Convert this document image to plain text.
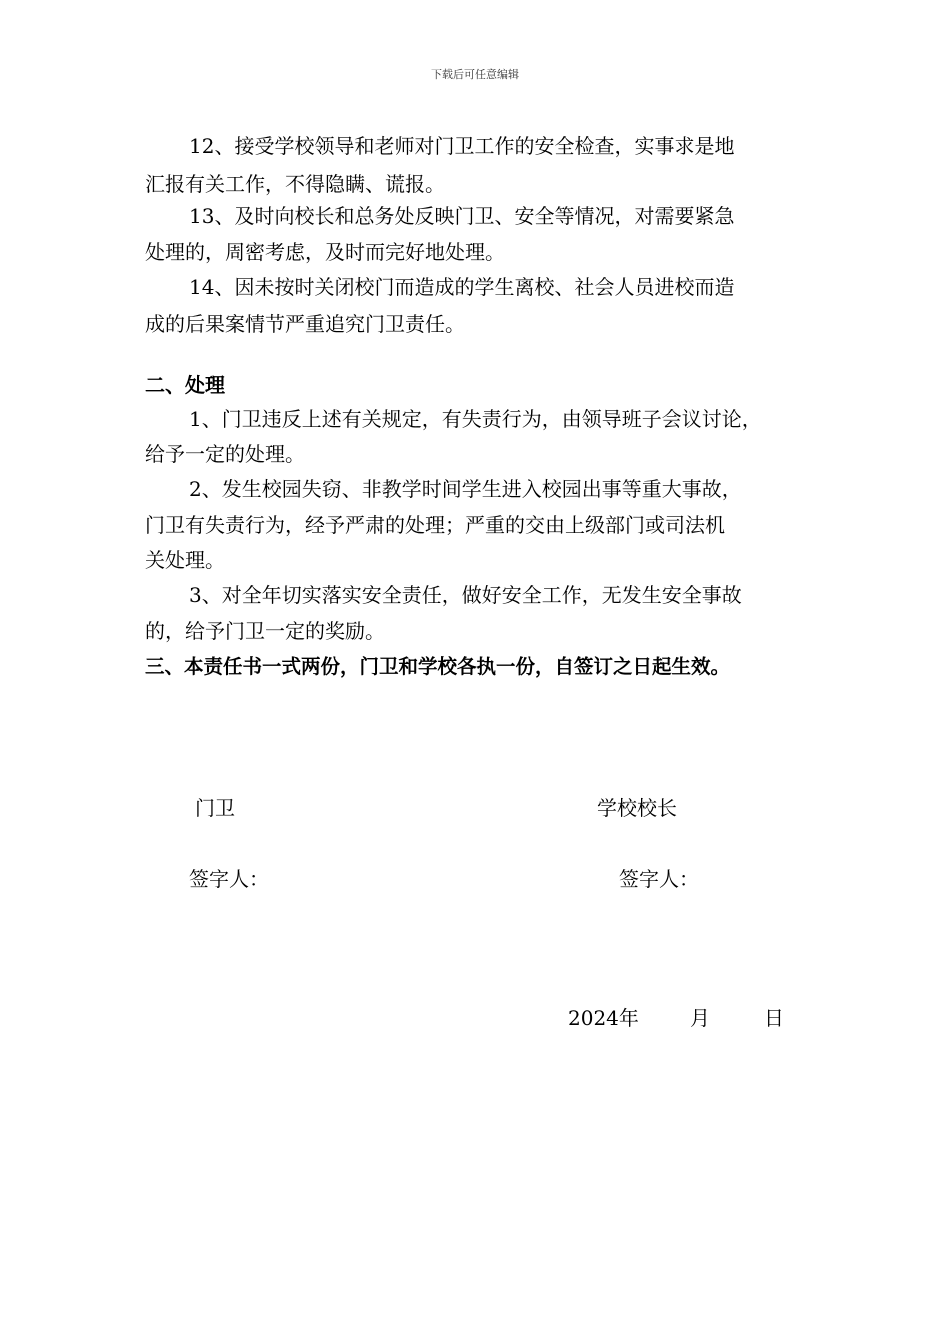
下载后可任意编辑
12、接受学校领导和老师对门卫工作的安全检查，实事求是地
汇报有关工作，不得隐瞒、谎报。
13、及时向校长和总务处反映门卫、安全等情况，对需要紧急
处理的，周密考虑，及时而完好地处理。
14、因未按时关闭校门而造成的学生离校、社会人员进校而造
成的后果案情节严重追究门卫责任。
二、处理
1、门卫违反上述有关规定，有失责行为，由领导班子会议讨论，
给予一定的处理。
2、发生校园失窃、非教学时间学生进入校园出事等重大事故，
门卫有失责行为，经予严肃的处理；严重的交由上级部门或司法机
关处理。
3、对全年切实落实安全责任，做好安全工作，无发生安全事故
的，给予门卫一定的奖励。
三、本责任书一式两份，门卫和学校各执一份，自签订之日起生效。
门卫	学校校长
签字人：	签字人：
2024年	月	日
